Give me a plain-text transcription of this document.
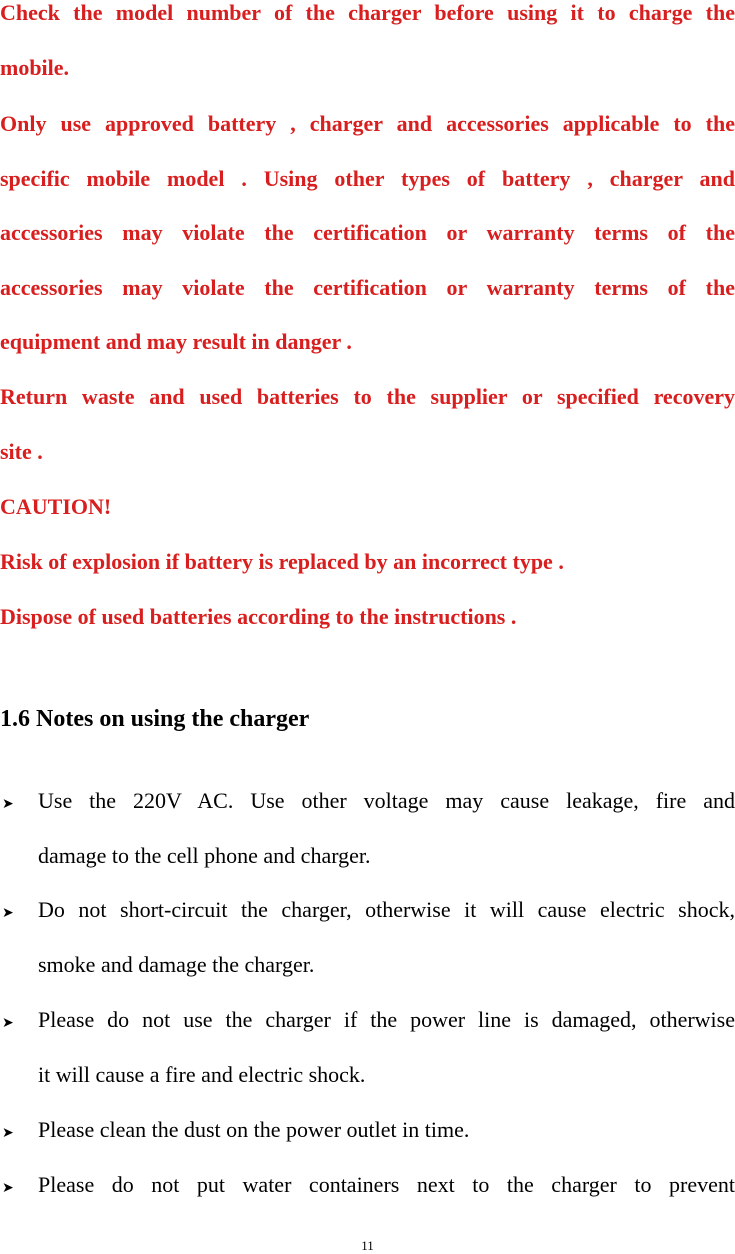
Check the model number of the charger before using it to charge the
mobile.
Only use approved battery , charger and accessories applicable to the
specific mobile model . Using other types of battery , charger and
accessories may violate the certification or warranty terms of the
accessories may violate the certification or warranty terms of the
equipment and may result in danger .
Return waste and used batteries to the supplier or specified recovery
site .
CAUTION!
Risk of explosion if battery is replaced by an incorrect type .
Dispose of used batteries according to the instructions .
1.6 Notes on using the charger
➤ Use the 220V AC. Use other voltage may cause leakage, fire and
damage to the cell phone and charger.
➤ Do not short-circuit the charger, otherwise it will cause electric shock,
smoke and damage the charger.
➤ Please do not use the charger if the power line is damaged, otherwise
it will cause a fire and electric shock.
➤ Please clean the dust on the power outlet in time.
➤ Please do not put water containers next to the charger to prevent
11
